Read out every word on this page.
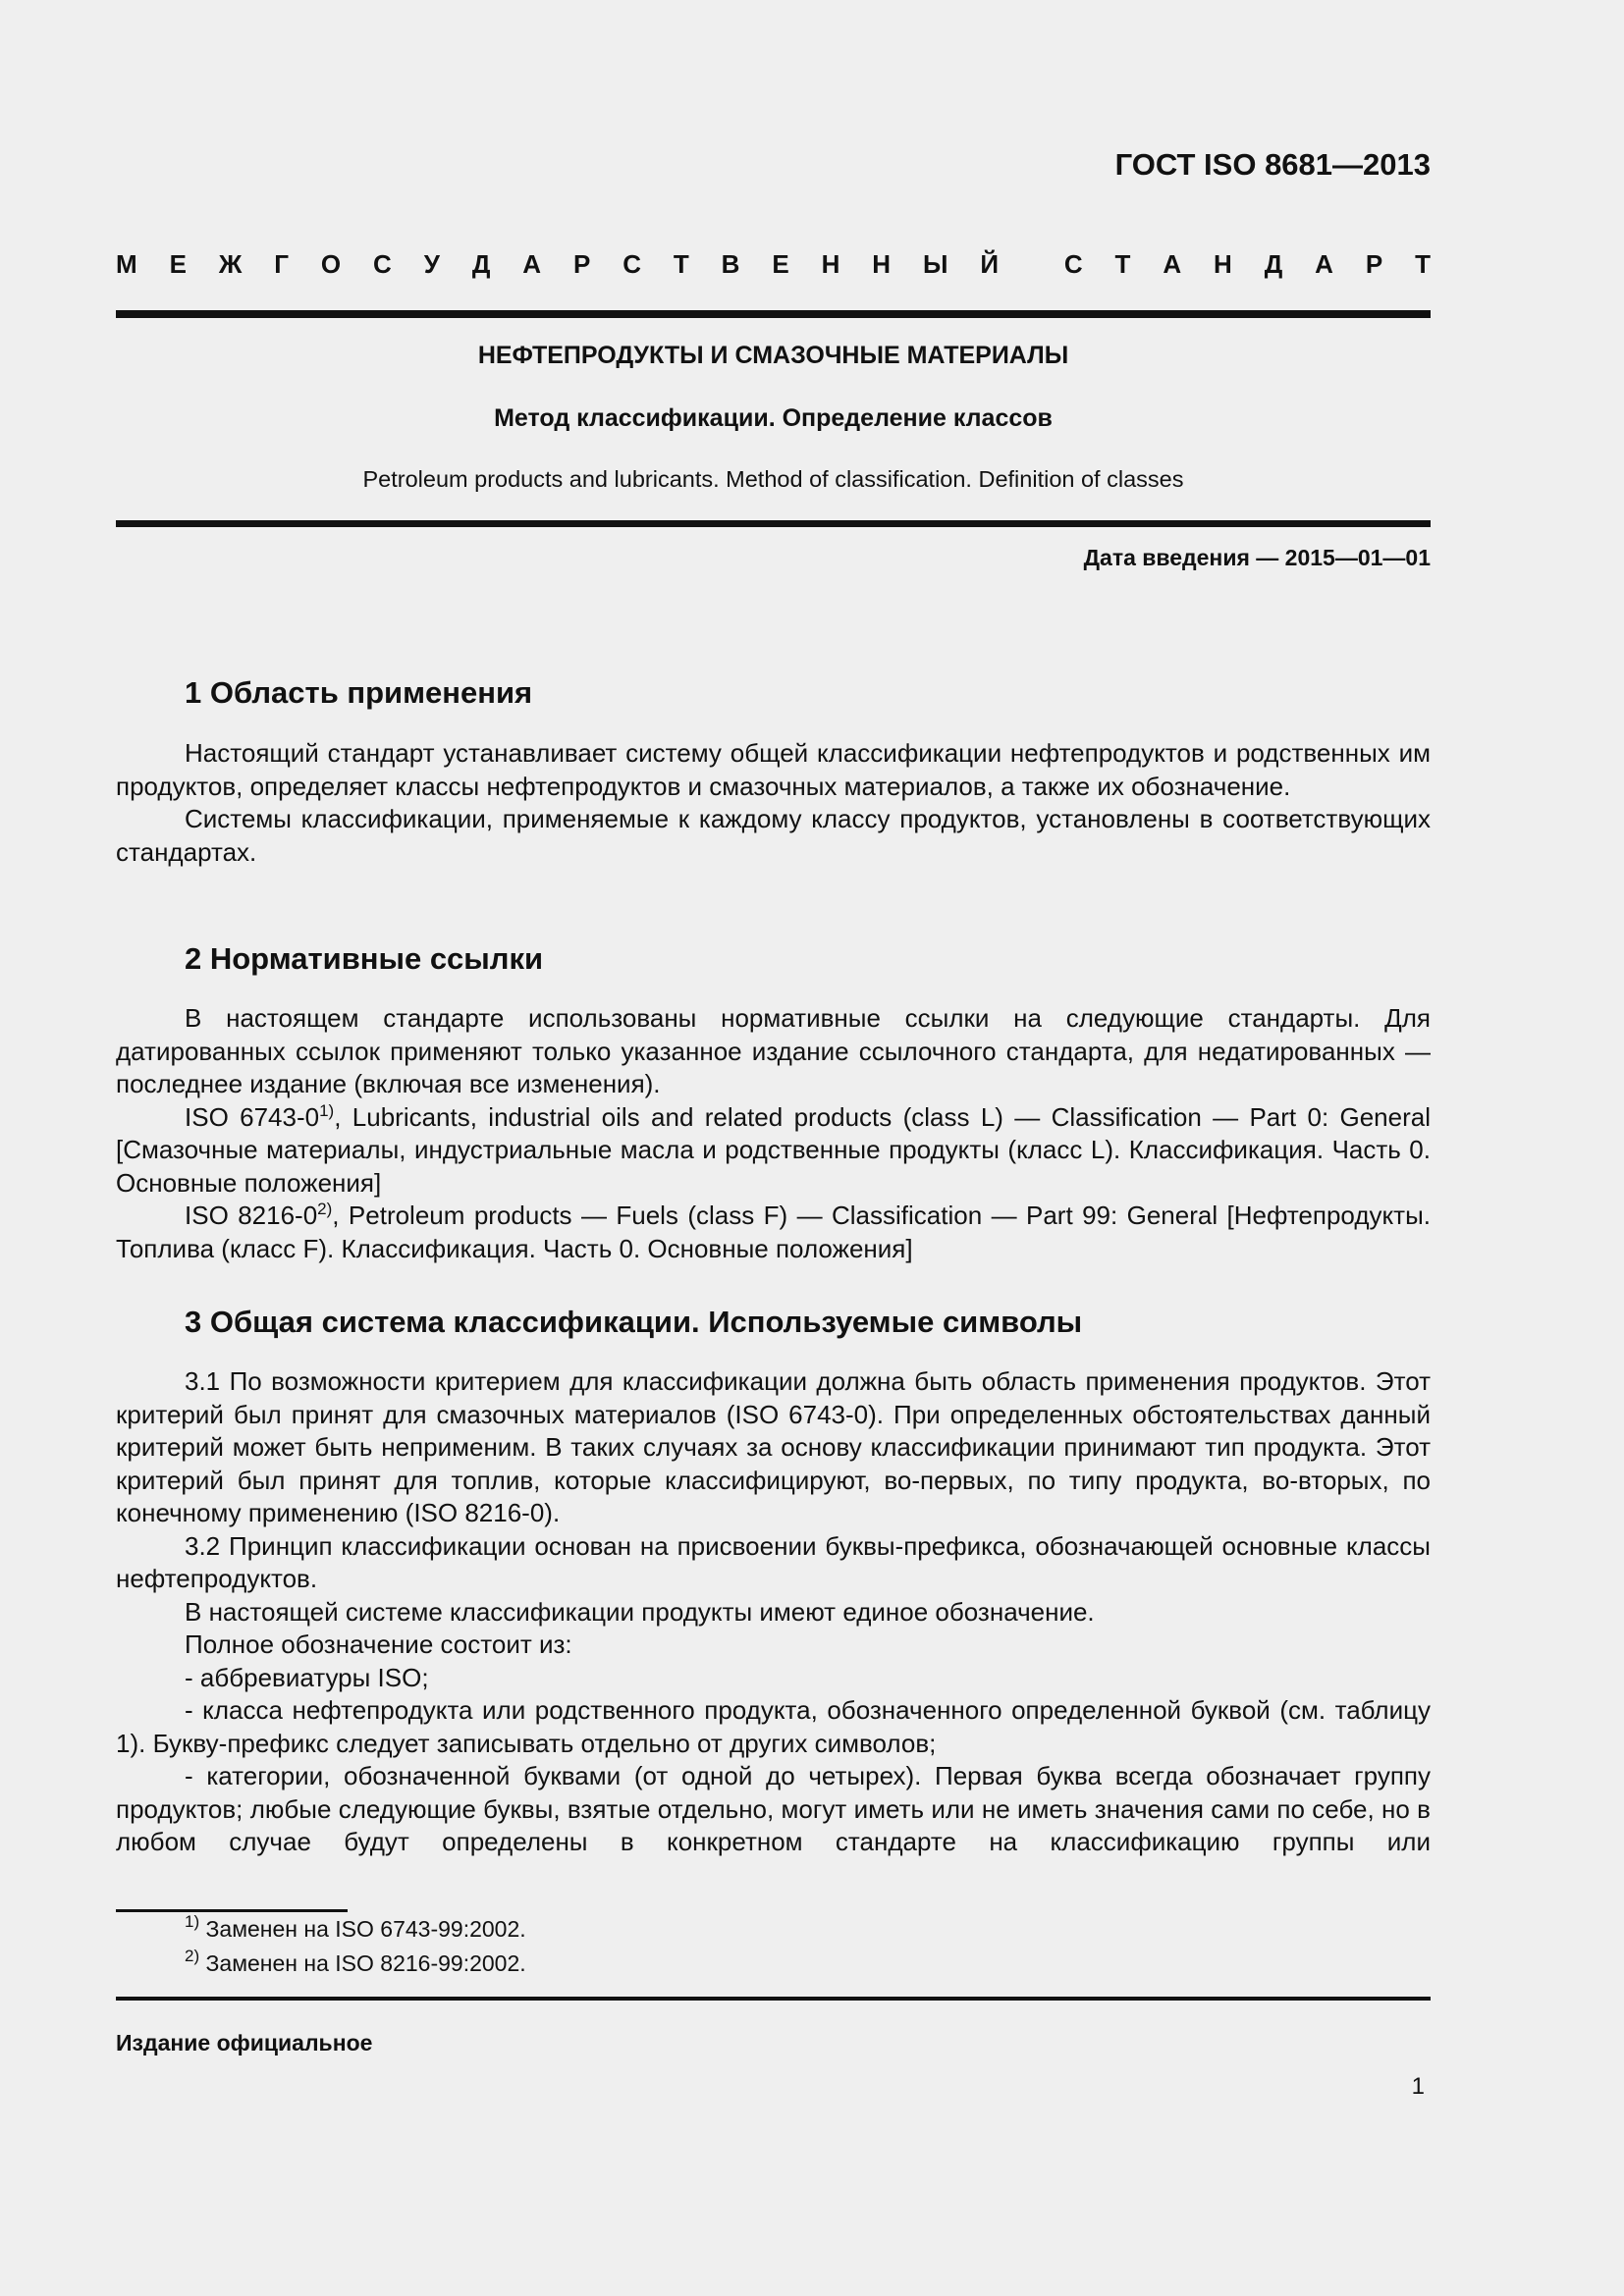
ГОСТ ISO 8681—2013
М Е Ж Г О С У Д А Р С Т В Е Н Н Ы Й	С Т А Н Д А Р Т
НЕФТЕПРОДУКТЫ И СМАЗОЧНЫЕ МАТЕРИАЛЫ
Метод классификации. Определение классов
Petroleum products and lubricants. Method of classification. Definition of classes
Дата введения — 2015—01—01
1 Область применения

Настоящий стандарт устанавливает систему общей классификации нефтепродуктов и родственных им продуктов, определяет классы нефтепродуктов и смазочных материалов, а также их обозначение.

Системы классификации, применяемые к каждому классу продуктов, установлены в соответствующих стандартах.

2 Нормативные ссылки

В настоящем стандарте использованы нормативные ссылки на следующие стандарты. Для датированных ссылок применяют только указанное издание ссылочного стандарта, для недатированных — последнее издание (включая все изменения).

ISO 6743-0$^{1)}$, Lubricants, industrial oils and related products (class L) — Classification — Part 0: General [Смазочные материалы, индустриальные масла и родственные продукты (класс L). Классификация. Часть 0. Основные положения]

ISO 8216-0$^{2)}$, Petroleum products — Fuels (class F) — Classification — Part 99: General [Нефтепродукты. Топлива (класс F). Классификация. Часть 0. Основные положения]

3 Общая система классификации. Используемые символы

3.1 По возможности критерием для классификации должна быть область применения продуктов. Этот критерий был принят для смазочных материалов (ISO 6743-0). При определенных обстоятельствах данный критерий может быть неприменим. В таких случаях за основу классификации принимают тип продукта. Этот критерий был принят для топлив, которые классифицируют, во-первых, по типу продукта, во-вторых, по конечному применению (ISO 8216-0).

3.2 Принцип классификации основан на присвоении буквы-префикса, обозначающей основные классы нефтепродуктов.

В настоящей системе классификации продукты имеют единое обозначение.

Полное обозначение состоит из:

- аббревиатуры ISO;

- класса нефтепродукта или родственного продукта, обозначенного определенной буквой (см. таблицу 1). Букву-префикс следует записывать отдельно от других символов;

- категории, обозначенной буквами (от одной до четырех). Первая буква всегда обозначает группу продуктов; любые следующие буквы, взятые отдельно, могут иметь или не иметь значения сами по себе, но в любом случае будут определены в конкретном стандарте на классификацию группы или

$^{1)}$ Заменен на ISO 6743-99:2002.
$^{2)}$ Заменен на ISO 8216-99:2002.
Издание официальное
1
